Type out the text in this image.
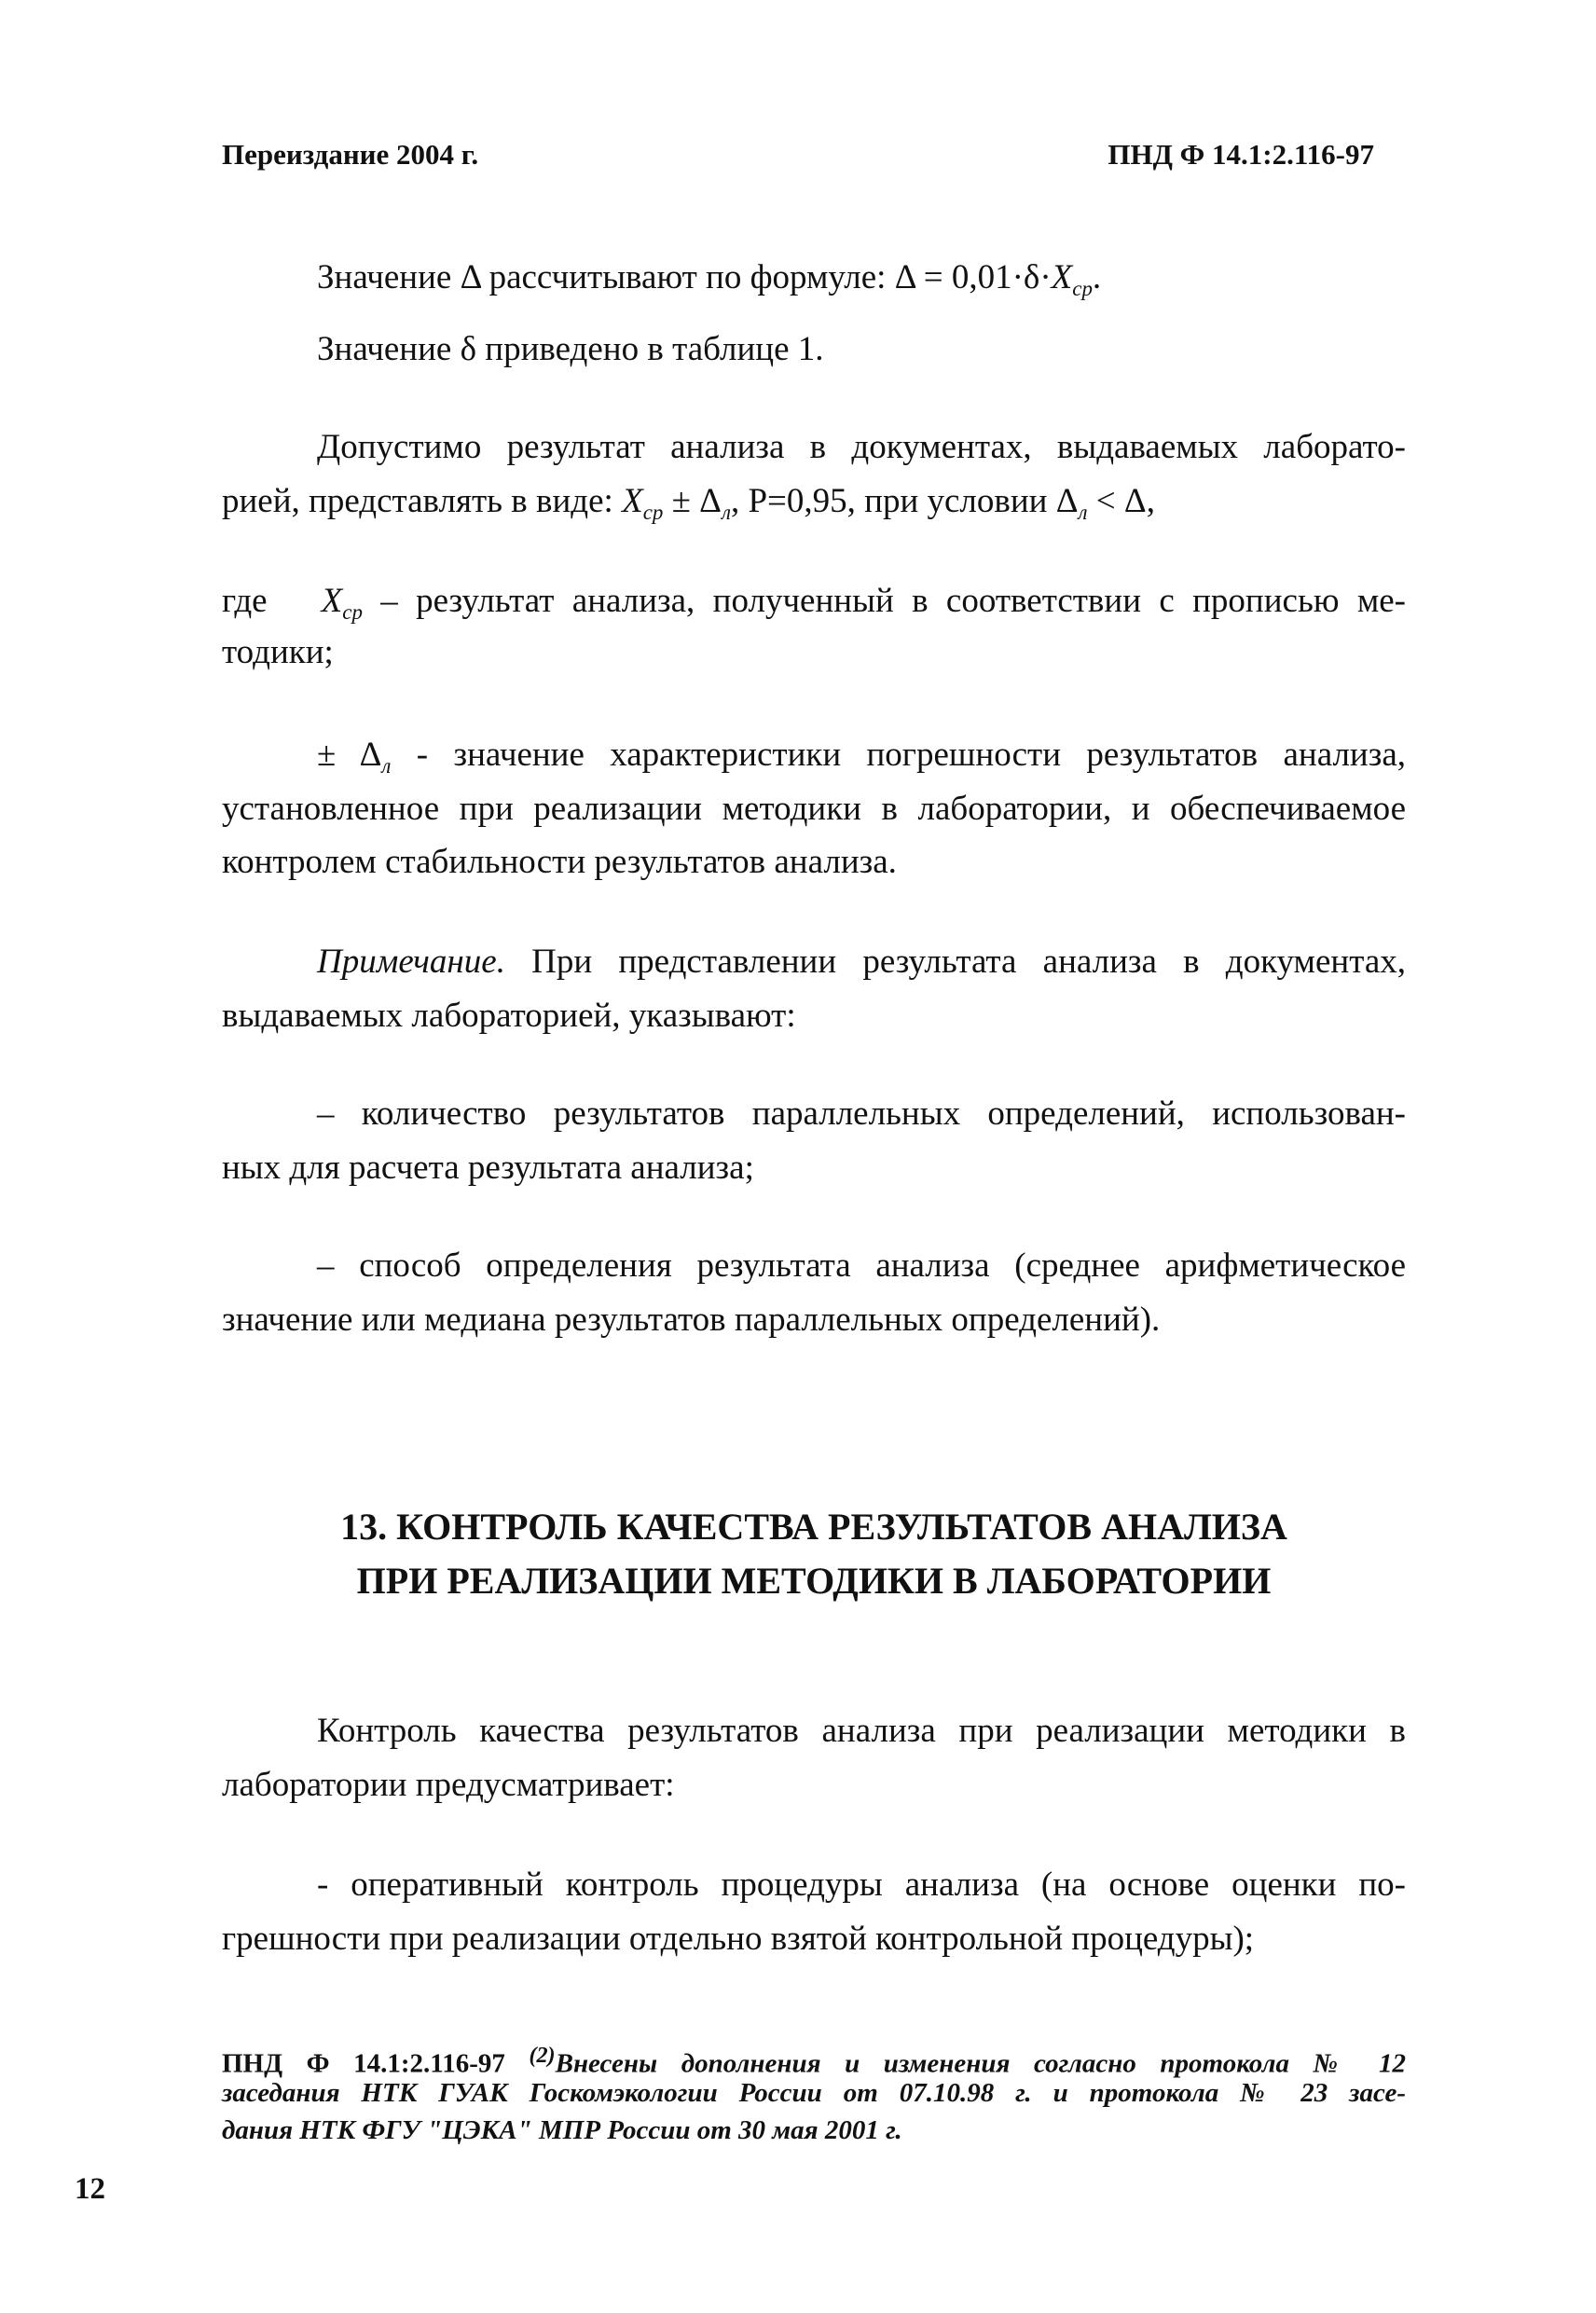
Переиздание 2004 г.	ПНД Ф 14.1:2.116-97
Значение Δ рассчитывают по формуле: $\Delta = 0,01\cdot\delta\cdot X_{ср}$.
Значение δ приведено в таблице 1.
Допустимо результат анализа в документах, выдаваемых лаборато-
рией, представлять в виде: $X_{ср} \pm \Delta_л$, P=0,95, при условии $\Delta_л < \Delta$,
где   $X_{ср}$ – результат анализа, полученный в соответствии с прописью ме-
тодики;
± $\Delta_л$ - значение характеристики погрешности результатов анализа,
установленное при реализации методики в лаборатории, и обеспечиваемое
контролем стабильности результатов анализа.
Примечание. При представлении результата анализа в документах,
выдаваемых лабораторией, указывают:
– количество результатов параллельных определений, использован-
ных для расчета результата анализа;
– способ определения результата анализа (среднее арифметическое
значение или медиана результатов параллельных определений).
13. КОНТРОЛЬ КАЧЕСТВА РЕЗУЛЬТАТОВ АНАЛИЗА
ПРИ РЕАЛИЗАЦИИ МЕТОДИКИ В ЛАБОРАТОРИИ
Контроль качества результатов анализа при реализации методики в
лаборатории предусматривает:
- оперативный контроль процедуры анализа (на основе оценки по-
грешности при реализации отдельно взятой контрольной процедуры);
ПНД Ф 14.1:2.116-97 $^{(2)}$Внесены дополнения и изменения согласно протокола № 12
заседания НТК ГУАК Госкомэкологии России от 07.10.98 г. и протокола № 23 засе-
дания НТК ФГУ "ЦЭКА" МПР России от 30 мая 2001 г.
12
